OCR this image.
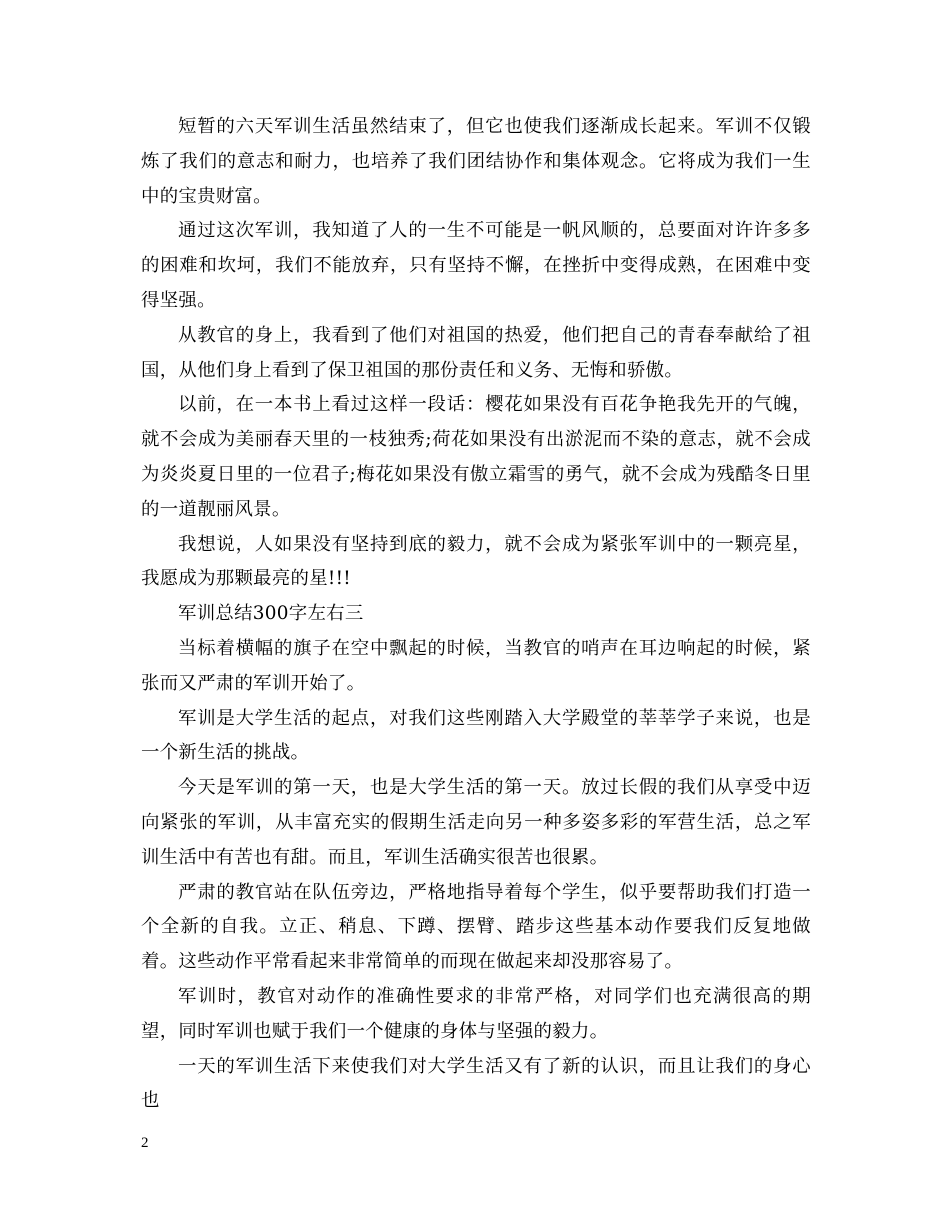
短暂的六天军训生活虽然结束了，但它也使我们逐渐成长起来。军训不仅锻炼了我们的意志和耐力，也培养了我们团结协作和集体观念。它将成为我们一生中的宝贵财富。

通过这次军训，我知道了人的一生不可能是一帆风顺的，总要面对许许多多的困难和坎坷，我们不能放弃，只有坚持不懈，在挫折中变得成熟，在困难中变得坚强。

从教官的身上，我看到了他们对祖国的热爱，他们把自己的青春奉献给了祖国，从他们身上看到了保卫祖国的那份责任和义务、无悔和骄傲。

以前，在一本书上看过这样一段话：樱花如果没有百花争艳我先开的气魄，就不会成为美丽春天里的一枝独秀;荷花如果没有出淤泥而不染的意志，就不会成为炎炎夏日里的一位君子;梅花如果没有傲立霜雪的勇气，就不会成为残酷冬日里的一道靓丽风景。

我想说，人如果没有坚持到底的毅力，就不会成为紧张军训中的一颗亮星，我愿成为那颗最亮的星!!!

军训总结300字左右三

当标着横幅的旗子在空中飘起的时候，当教官的哨声在耳边响起的时候，紧张而又严肃的军训开始了。

军训是大学生活的起点，对我们这些刚踏入大学殿堂的莘莘学子来说，也是一个新生活的挑战。

今天是军训的第一天，也是大学生活的第一天。放过长假的我们从享受中迈向紧张的军训，从丰富充实的假期生活走向另一种多姿多彩的军营生活，总之军训生活中有苦也有甜。而且，军训生活确实很苦也很累。

严肃的教官站在队伍旁边，严格地指导着每个学生，似乎要帮助我们打造一个全新的自我。立正、稍息、下蹲、摆臂、踏步这些基本动作要我们反复地做着。这些动作平常看起来非常简单的而现在做起来却没那容易了。

军训时，教官对动作的准确性要求的非常严格，对同学们也充满很高的期望，同时军训也赋于我们一个健康的身体与坚强的毅力。

一天的军训生活下来使我们对大学生活又有了新的认识，而且让我们的身心也

2
